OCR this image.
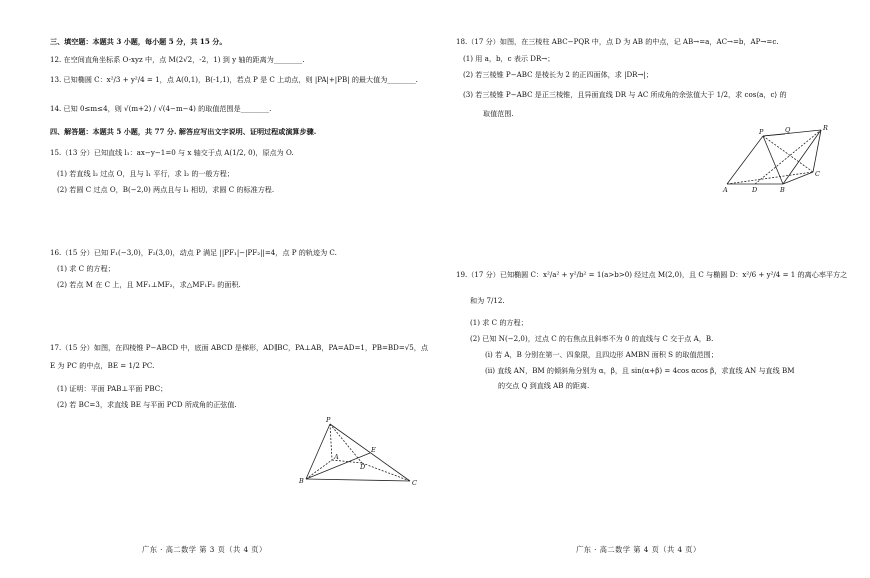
三、填空题：本题共 3 小题，每小题 5 分，共 15 分。
12. 在空间直角坐标系 O-xyz 中，点 M(2√2，-2，1) 到 y 轴的距离为________.
13. 已知椭圆 C：x²/3 + y²/4 = 1，点 A(0,1)，B(-1,1)，若点 P 是 C 上动点，则 |PA|+|PB| 的最大值为________.
14. 已知 0≤m≤4，则 √(m+2) / √(4−m−4) 的取值范围是________.
四、解答题：本题共 5 小题，共 77 分. 解答应写出文字说明、证明过程或演算步骤.
15.（13 分）已知直线 l₁：ax−y−1=0 与 x 轴交于点 A(1/2, 0)，原点为 O.
(1) 若直线 l₂ 过点 O，且与 l₁ 平行，求 l₂ 的一般方程；
(2) 若圆 C 过点 O，B(−2,0) 两点且与 l₁ 相切，求圆 C 的标准方程.
16.（15 分）已知 F₁(−3,0)，F₂(3,0)，动点 P 满足 ||PF₁|−|PF₂||=4，点 P 的轨迹为 C.
(1) 求 C 的方程；
(2) 若点 M 在 C 上，且 MF₁⊥MF₂，求△MF₁F₂ 的面积.
17.（15 分）如图，在四棱锥 P−ABCD 中，底面 ABCD 是梯形，AD∥BC，PA⊥AB，PA=AD=1，PB=BD=√5，点
E 为 PC 的中点，BE = 1/2 PC.
(1) 证明：平面 PAB⊥平面 PBC；
(2) 若 BC=3，求直线 BE 与平面 PCD 所成角的正弦值.
P
A
B	C
D
E
广东 · 高二数学 第 3 页（共 4 页）
18.（17 分）如图，在三棱柱 ABC−PQR 中，点 D 为 AB 的中点，记 AB→=a，AC→=b，AP→=c.
(1) 用 a，b，c 表示 DR→；
(2) 若三棱锥 P−ABC 是棱长为 2 的正四面体，求 |DR→|；
(3) 若三棱锥 P−ABC 是正三棱锥，且异面直线 DR 与 AC 所成角的余弦值大于 1/2，求 cos⟨a，c⟩ 的
取值范围.
P	Q	R
A	D	B
C
19.（17 分）已知椭圆 C：x²/a² + y²/b² = 1(a>b>0) 经过点 M(2,0)，且 C 与椭圆 D：x²/6 + y²/4 = 1 的离心率平方之
和为 7/12.
(1) 求 C 的方程；
(2) 已知 N(−2,0)，过点 C 的右焦点且斜率不为 0 的直线与 C 交于点 A，B.
(i) 若 A，B 分别在第一、四象限，且四边形 AMBN 面积 S 的取值范围；
(ii) 直线 AN，BM 的倾斜角分别为 α，β，且 sin(α+β) = 4cos αcos β，求直线 AN 与直线 BM
的交点 Q 到直线 AB 的距离.
广东 · 高二数学 第 4 页（共 4 页）
